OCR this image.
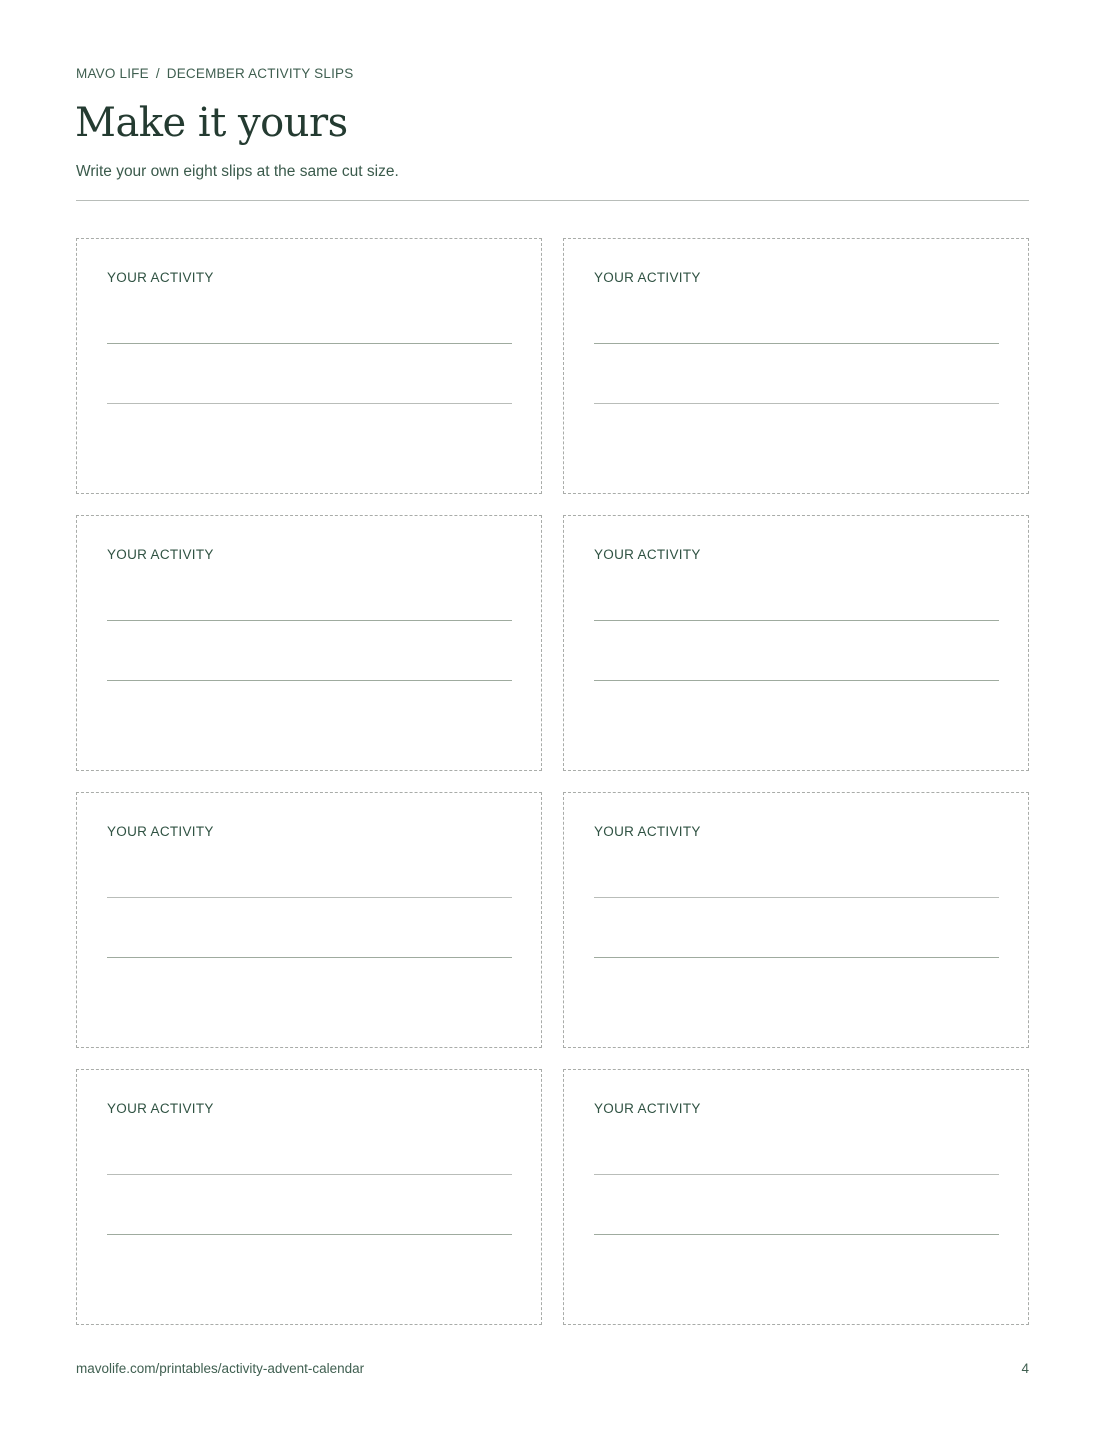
MAVO LIFE / DECEMBER ACTIVITY SLIPS
Make it yours

Write your own eight slips at the same cut size.

YOUR ACTIVITY	YOUR ACTIVITY
YOUR ACTIVITY	YOUR ACTIVITY
YOUR ACTIVITY	YOUR ACTIVITY
YOUR ACTIVITY	YOUR ACTIVITY
mavolife.com/printables/activity-advent-calendar	4
